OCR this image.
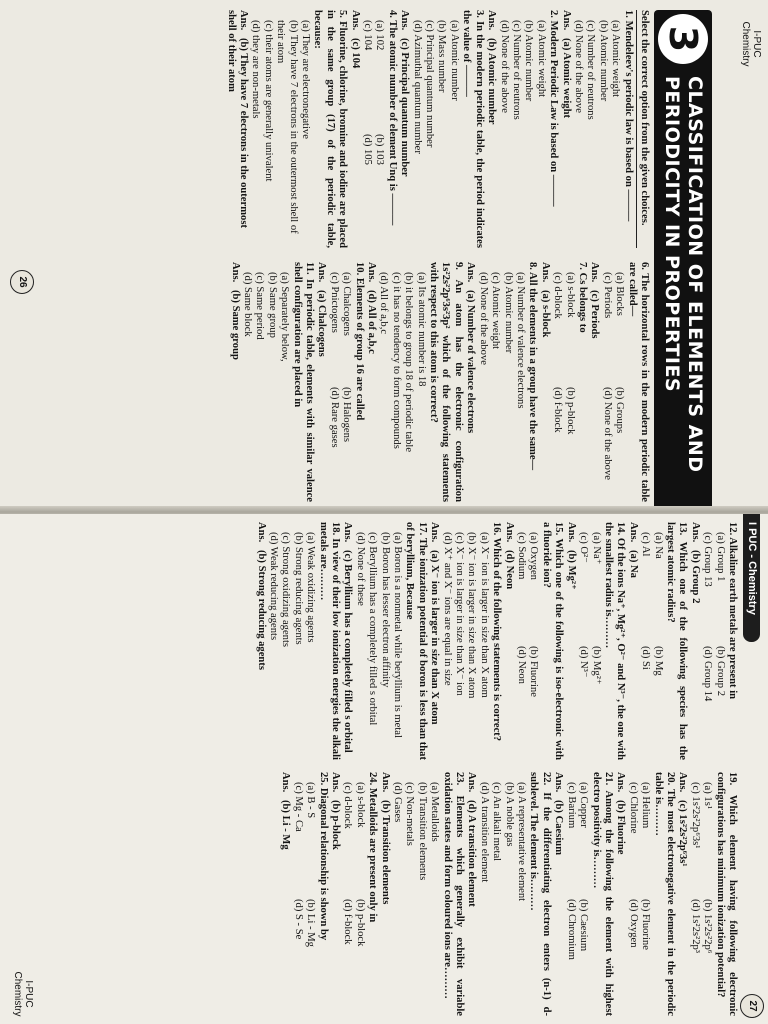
I-PUC
Chemistry
26
3
CLASSIFICATION OF ELEMENTS AND
PERIODICITY IN PROPERTIES

Select the correct option from the given choices.

1. Mendeleev's periodic law is based on ———

(a) Atomic weight

(b) Atomic number

(c) Number of neutrons

(d) None of the above

Ans.(a) Atomic weight

2. Modern Periodic Law is based on ———

(a) Atomic weight

(b) Atomic number

(c) Number of neutrons

(d) None of the above

Ans.(b) Atomic number

3. In the modern periodic table, the period indicates the value of ———

(a) Atomic number

(b) Mass number

(c) Principal quantum number

(d) Azimuthal quantum number

Ans.(c) Principal quantum number

4. The atomic number of element Unq is ———

(a) 102
(b) 103

(c) 104
(d) 105

Ans.(c) 104

5. Fluorine, chlorine, bromine and iodine are placed in the same group (17) of the periodic table, because:

(a) They are electronegative

(b) They have 7 electrons in the outermost shell of their atom

(c) their atoms are generally univalent

(d) they are non-metals

Ans.(b) They have 7 electrons in the outermost shell of their atom

6. The horizontal rows in the modern periodic table are called—

(a) Blocks
(b) Groups

(c) Periods
(d) None of the above

Ans.(c) Periods

7. Cs belongs to

(a) s-block
(b) p-block

(c) d-block
(d) f-block

Ans.(a) s-block

8. All the elements in a group have the same—

(a) Number of valence electrons

(b) Atomic number

(c) Atomic weight

(d) None of the above

Ans.(a) Number of valence electrons

9. An atom has the electronic configuration 1s²2s²2p⁶3s²3p² which of the following statements with respect to this atom is correct?

(a) Its atomic number is 18

(b) it belongs to group 18 of periodic table

(c) it has no tendency to form compounds

(d) All of a,b,c

Ans.(d) All of a,b,c

10. Elements of group 16 are called

(a) Chalcogens
(b) Halogens

(c) Pnictogens
(d) Rare gases

Ans.(a) Chalcogens

11. In periodic table, elements with similar valence shell configuration are placed in

(a) Separately below,

(b) Same group

(c) Same period

(d) Same block

Ans.(b) Same group

I PUC - Chemistry
27

12. Alkaline earth metals are present in

(a) Group 1
(b) Group 2

(c) Group 13
(d) Group 14

Ans.(b) Group 2

13. Which one of the following species has the largest atomic radius?

(a) Na
(b) Mg

(c) Al
(d) Si

Ans.(a) Na

14. Of the ions Na⁺, Mg²⁺, O²⁻ and N³⁻, the one with the smallest radius is………

(a) Na⁺
(b) Mg²⁺

(c) O²⁻
(d) N³⁻

Ans.(b) Mg²⁺

15. Which one of the following is iso-electronic with a fluoride ion?

(a) Oxygen
(b) Fluorine

(c) Sodium
(d) Neon

Ans.(d) Neon

16. Which of the following statements is correct?

(a) X⁻ ion is larger in size than X atom

(b) X⁻ ion is larger in size than X atom

(c) X⁻ ion is larger in size than X⁻ ion

(d) X⁺ and X⁻ ions are equal in size

Ans.(a) X⁻ ion is larger in size than X atom

17. The ionization potential of boron is less than that of beryllium, Because

(a) Boron is a nonmetal while beryllium is metal

(b) Boron has lesser electron affinity

(c) Beryllium has a completely filled s orbital

(d) None of these

Ans.(c) Beryllium has a completely filled s orbital

18. In view of their low ionization energies the alkali metals are………

(a) Weak oxidizing agents

(b) Strong reducing agents

(c) Strong oxidizing agents

(d) Weak reducing agents

Ans.(b) Strong reducing agents

19. Which element having following electronic configurations has minimum ionization potential?

(a) 1s¹
(b) 1s²2s²2p⁶

(c) 1s²2s²2p⁶3s¹
(d) 1s²2s²2p³

Ans.(c) 1s²2s²2p⁶3s¹

20. The most electronegative element in the periodic table is………

(a) Helium
(b) Fluorine

(c) Chlorine
(d) Oxygen

Ans.(b) Fluorine

21. Among the following the element with highest electro positivity is………

(a) Copper
(b) Caesium

(c) Barium
(d) Chromium

Ans.(b) Caesium

22. If the differentiating electron enters (n-1) d-sublevel. The element is………

(a) A representative element

(b) A noble gas

(c) An alkali metal

(d) A transition element

Ans.(d) A transition element

23. Elements which generally exhibit variable oxidation states and form coloured ions are………

(a) Metalloids

(b) Transition elements

(c) Non-metals

(d) Gases

Ans.(b) Transition elements

24. Metalloids are present only in

(a) s-block
(b) p-block

(c) d-block
(d) f-block

Ans.(b) p-block

25. Diagonal relationship is shown by

(a) B - S
(b) Li - Mg

(c) Mg - Ca
(d) S - Se

Ans.(b) Li - Mg

I-PUC
Chemistry
